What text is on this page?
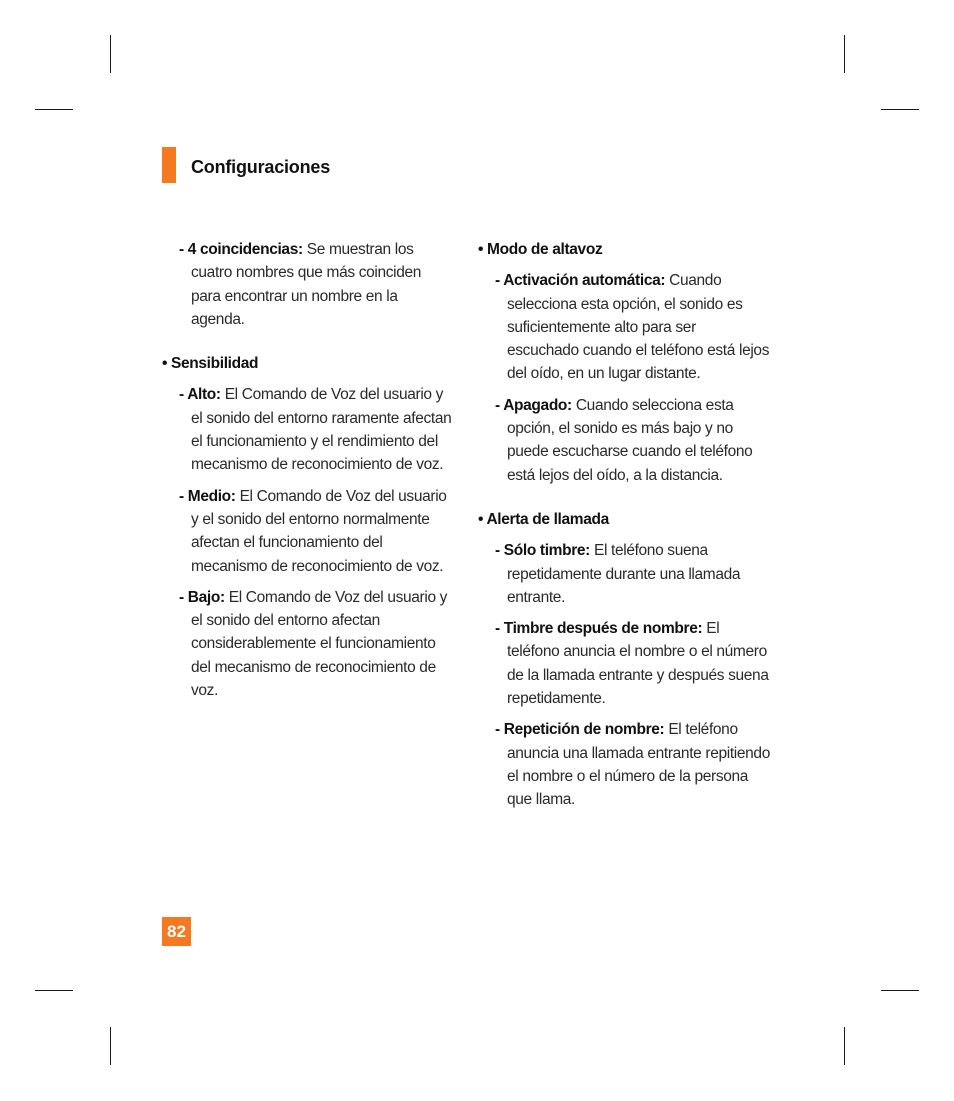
Configuraciones

- 4 coincidencias: Se muestran los cuatro nombres que más coinciden para encontrar un nombre en la agenda.

• Sensibilidad

- Alto: El Comando de Voz del usuario y el sonido del entorno raramente afectan el funcionamiento y el rendimiento del mecanismo de reconocimiento de voz.

- Medio: El Comando de Voz del usuario y el sonido del entorno normalmente afectan el funcionamiento del mecanismo de reconocimiento de voz.

- Bajo: El Comando de Voz del usuario y el sonido del entorno afectan considerablemente el funcionamiento del mecanismo de reconocimiento de voz.

• Modo de altavoz

- Activación automática: Cuando selecciona esta opción, el sonido es suficientemente alto para ser escuchado cuando el teléfono está lejos del oído, en un lugar distante.

- Apagado: Cuando selecciona esta opción, el sonido es más bajo y no puede escucharse cuando el teléfono está lejos del oído, a la distancia.

• Alerta de llamada

- Sólo timbre: El teléfono suena repetidamente durante una llamada entrante.

- Timbre después de nombre: El teléfono anuncia el nombre o el número de la llamada entrante y después suena repetidamente.

- Repetición de nombre: El teléfono anuncia una llamada entrante repitiendo el nombre o el número de la persona que llama.

82
